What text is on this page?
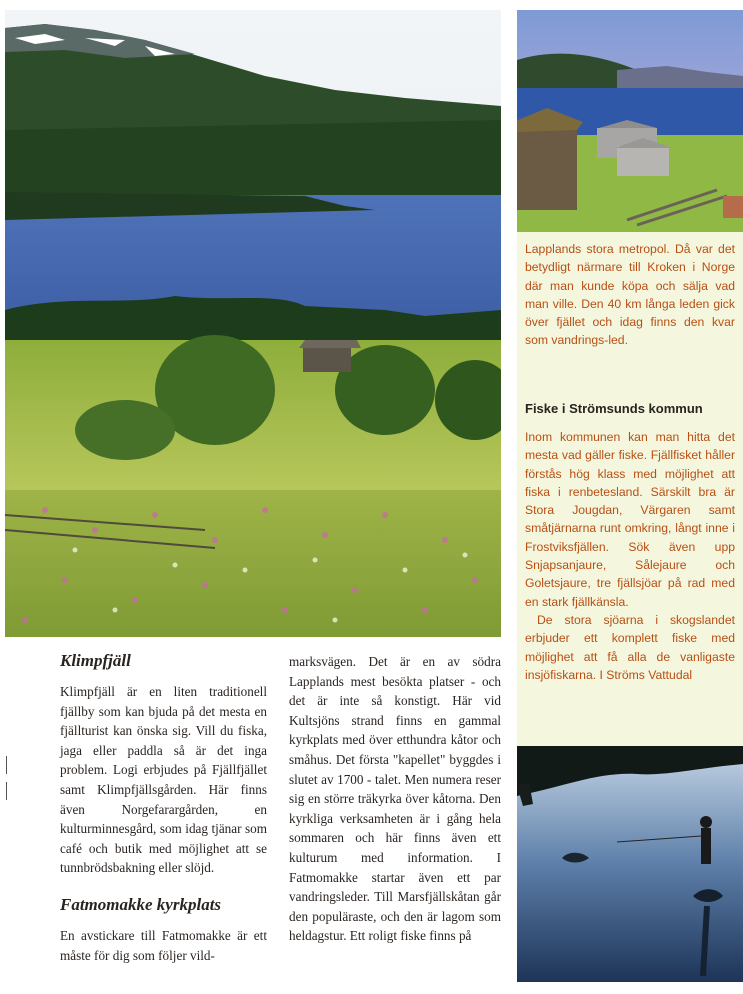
Lapplands stora metropol. Då var det betydligt närmare till Kroken i Norge där man kunde köpa och sälja vad man ville. Den 40 km långa leden gick över fjället och idag finns den kvar som vandrings-led.

Fiske i Strömsunds kommun

Inom kommunen kan man hitta det mesta vad gäller fiske. Fjällfisket håller förstås hög klass med möjlighet att fiska i renbetesland. Särskilt bra är Stora Jougdan, Värgaren samt småtjärnarna runt omkring, långt inne i Frostviksfjällen. Sök även upp Snjapsanjaure, Sålejaure och Goletsjaure, tre fjällsjöar på rad med en stark fjällkänsla.

De stora sjöarna i skogslandet erbjuder ett komplett fiske med möjlighet att få alla de vanligaste insjöfiskarna. I Ströms Vattudal

Klimpfjäll

Klimpfjäll är en liten traditionell fjällby som kan bjuda på det mesta en fjällturist kan önska sig. Vill du fiska, jaga eller paddla så är det inga problem. Logi erbjudes på Fjällfjället samt Klimpfjällsgården. Här finns även Norgefarargården, en kulturminnesgård, som idag tjänar som café och butik med möjlighet att se tunnbrödsbakning eller slöjd.

Fatmomakke kyrkplats

En avstickare till Fatmomakke är ett måste för dig som följer vild-

marksvägen. Det är en av södra Lapplands mest besökta platser - och det är inte så konstigt. Här vid Kultsjöns strand finns en gammal kyrkplats med över etthundra kåtor och småhus. Det första "kapellet" byggdes i slutet av 1700 - talet. Men numera reser sig en större träkyrka över kåtorna. Den kyrkliga verksamheten är i gång hela sommaren och här finns även ett kulturum med information. I Fatmomakke startar även ett par vandringsleder. Till Marsfjällskåtan går den populäraste, och den är lagom som heldagstur. Ett roligt fiske finns på
